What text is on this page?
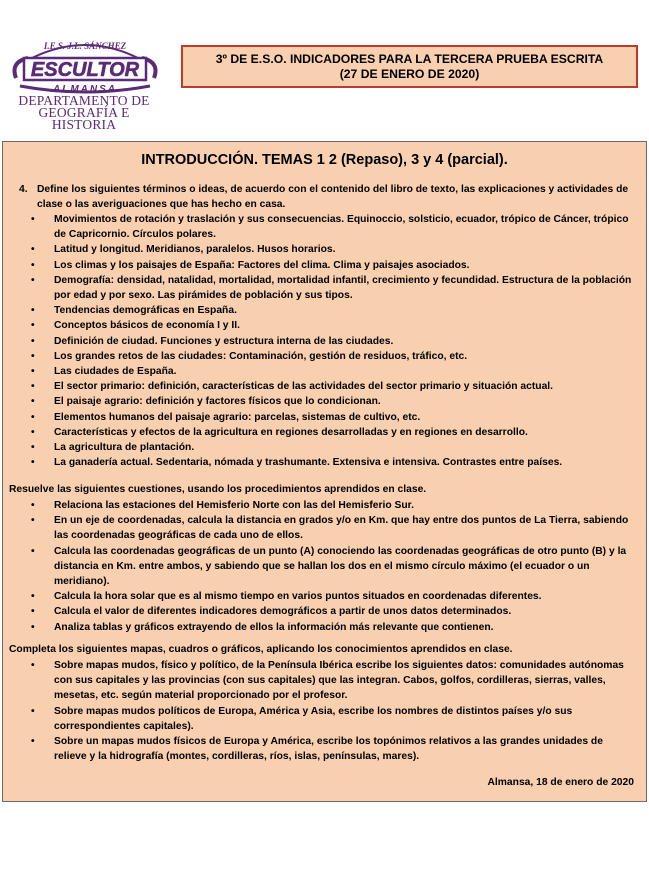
I.E.S. J.L. SÁNCHEZ
ESCULTOR
ALMANSA
DEPARTAMENTO DE
GEOGRAFÍA E HISTORIA
3º DE E.S.O. INDICADORES PARA LA TERCERA PRUEBA ESCRITA
(27 DE ENERO DE 2020)
INTRODUCCIÓN. TEMAS 1 2 (Repaso), 3 y 4 (parcial).
4. Define los siguientes términos o ideas, de acuerdo con el contenido del libro de texto, las explicaciones y actividades de
clase o las averiguaciones que has hecho en casa.
• Movimientos de rotación y traslación y sus consecuencias. Equinoccio, solsticio, ecuador, trópico de Cáncer, trópico de Capricornio. Círculos polares.
• Latitud y longitud. Meridianos, paralelos. Husos horarios.
• Los climas y los paisajes de España: Factores del clima. Clima y paisajes asociados.
• Demografía: densidad, natalidad, mortalidad, mortalidad infantil, crecimiento y fecundidad. Estructura de la población por edad y por sexo. Las pirámides de población y sus tipos.
• Tendencias demográficas en España.
• Conceptos básicos de economía I y II.
• Definición de ciudad. Funciones y estructura interna de las ciudades.
• Los grandes retos de las ciudades: Contaminación, gestión de residuos, tráfico, etc.
• Las ciudades de España.
• El sector primario: definición, características de las actividades del sector primario y situación actual.
• El paisaje agrario: definición y factores físicos que lo condicionan.
• Elementos humanos del paisaje agrario: parcelas, sistemas de cultivo, etc.
• Características y efectos de la agricultura en regiones desarrolladas y en regiones en desarrollo.
• La agricultura de plantación.
• La ganadería actual. Sedentaria, nómada y trashumante. Extensiva e intensiva. Contrastes entre países.
Resuelve las siguientes cuestiones, usando los procedimientos aprendidos en clase.
• Relaciona las estaciones del Hemisferio Norte con las del Hemisferio Sur.
• En un eje de coordenadas, calcula la distancia en grados y/o en Km. que hay entre dos puntos de La Tierra, sabiendo las coordenadas geográficas de cada uno de ellos.
• Calcula las coordenadas geográficas de un punto (A) conociendo las coordenadas geográficas de otro punto (B) y la distancia en Km. entre ambos, y sabiendo que se hallan los dos en el mismo círculo máximo (el ecuador o un meridiano).
• Calcula la hora solar que es al mismo tiempo en varios puntos situados en coordenadas diferentes.
• Calcula el valor de diferentes indicadores demográficos a partir de unos datos determinados.
• Analiza tablas y gráficos extrayendo de ellos la información más relevante que contienen.
Completa los siguientes mapas, cuadros o gráficos, aplicando los conocimientos aprendidos en clase.
• Sobre mapas mudos, físico y político, de la Península Ibérica escribe los siguientes datos: comunidades autónomas con sus capitales y las provincias (con sus capitales) que las integran. Cabos, golfos, cordilleras, sierras, valles, mesetas, etc. según material proporcionado por el profesor.
• Sobre mapas mudos políticos de Europa, América y Asia, escribe los nombres de distintos países y/o sus correspondientes capitales).
• Sobre un mapas mudos físicos de Europa y América, escribe los topónimos relativos a las grandes unidades de relieve y la hidrografía (montes, cordilleras, ríos, islas, penínsulas, mares).
Almansa, 18 de enero de 2020
